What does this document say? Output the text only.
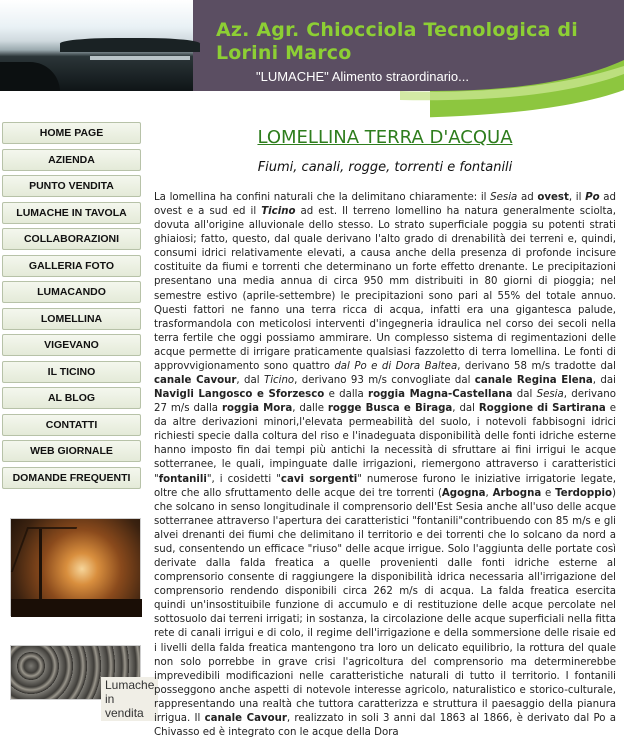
Az. Agr. Chiocciola Tecnologica di Lorini Marco
"LUMACHE" Alimento straordinario...
HOME PAGE
AZIENDA
PUNTO VENDITA
LUMACHE IN TAVOLA
COLLABORAZIONI
GALLERIA FOTO
LUMACANDO
LOMELLINA
VIGEVANO
IL TICINO
AL BLOG
CONTATTI
WEB GIORNALE
DOMANDE FREQUENTI
Lumache in vendita
LOMELLINA TERRA D'ACQUA
Fiumi, canali, rogge, torrenti e fontanili
La lomellina ha confini naturali che la delimitano chiaramente: il Sesia ad ovest, il Po ad ovest e a sud ed il Ticino ad est. Il terreno lomellino ha natura generalmente sciolta, dovuta all'origine alluvionale dello stesso. Lo strato superficiale poggia su potenti strati ghiaiosi; fatto, questo, dal quale derivano l'alto grado di drenabilità dei terreni e, quindi, consumi idrici relativamente elevati, a causa anche della presenza di profonde incisure costituite da fiumi e torrenti che determinano un forte effetto drenante. Le precipitazioni presentano una media annua di circa 950 mm distribuiti in 80 giorni di pioggia; nel semestre estivo (aprile-settembre) le precipitazioni sono pari al 55% del totale annuo. Questi fattori ne fanno una terra ricca di acqua, infatti era una gigantesca palude, trasformandola con meticolosi interventi d'ingegneria idraulica nel corso dei secoli nella terra fertile che oggi possiamo ammirare. Un complesso sistema di regimentazioni delle acque permette di irrigare praticamente qualsiasi fazzoletto di terra lomellina. Le fonti di approvvigionamento sono quattro dal Po e di Dora Baltea, derivano 58 m/s tradotte dal canale Cavour, dal Ticino, derivano 93 m/s convogliate dal canale Regina Elena, dai Navigli Langosco e Sforzesco e dalla roggia Magna-Castellana dal Sesia, derivano 27 m/s dalla roggia Mora, dalle rogge Busca e Biraga, dal Roggione di Sartirana e da altre derivazioni minori,l'elevata permeabilità del suolo, i notevoli fabbisogni idrici richiesti specie dalla coltura del riso e l'inadeguata disponibilità delle fonti idriche esterne hanno imposto fin dai tempi più antichi la necessità di sfruttare ai fini irrigui le acque sotterranee, le quali, impinguate dalle irrigazioni, riemergono attraverso i caratteristici "fontanili", i cosidetti "cavi sorgenti" numerose furono le iniziative irrigatorie legate, oltre che allo sfruttamento delle acque dei tre torrenti (Agogna, Arbogna e Terdoppio) che solcano in senso longitudinale il comprensorio dell'Est Sesia anche all'uso delle acque sotterranee attraverso l'apertura dei caratteristici "fontanili"contribuendo con 85 m/s e gli alvei drenanti dei fiumi che delimitano il territorio e dei torrenti che lo solcano da nord a sud, consentendo un efficace "riuso" delle acque irrigue. Solo l'aggiunta delle portate così derivate dalla falda freatica a quelle provenienti dalle fonti idriche esterne al comprensorio consente di raggiungere la disponibilità idrica necessaria all'irrigazione del comprensorio rendendo disponibili circa 262 m/s di acqua. La falda freatica esercita quindi un'insostituibile funzione di accumulo e di restituzione delle acque percolate nel sottosuolo dai terreni irrigati; in sostanza, la circolazione delle acque superficiali nella fitta rete di canali irrigui e di colo, il regime dell'irrigazione e della sommersione delle risaie ed i livelli della falda freatica mantengono tra loro un delicato equilibrio, la rottura del quale non solo porrebbe in grave crisi l'agricoltura del comprensorio ma determinerebbe imprevedibili modificazioni nelle caratteristiche naturali di tutto il territorio. I fontanili posseggono anche aspetti di notevole interesse agricolo, naturalistico e storico-culturale, rappresentando una realtà che tuttora caratterizza e struttura il paesaggio della pianura irrigua. Il canale Cavour, realizzato in soli 3 anni dal 1863 al 1866, è derivato dal Po a Chivasso ed è integrato con le acque della Dora
